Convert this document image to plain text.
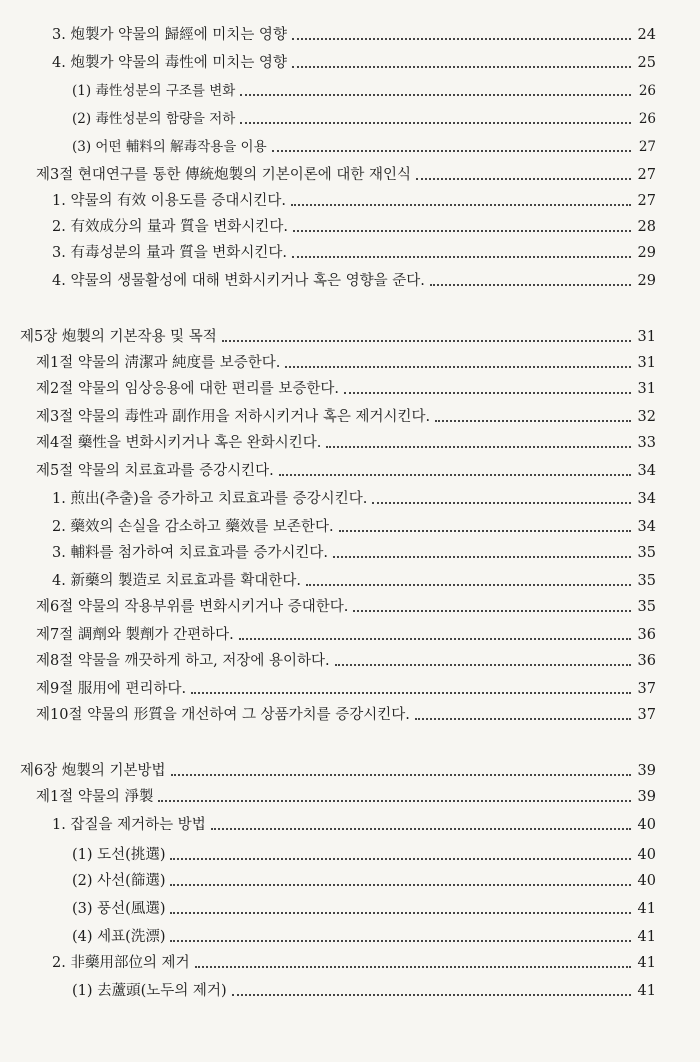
3. 炮製가 약물의 歸經에 미치는 영향	24
4. 炮製가 약물의 毒性에 미치는 영향	25
(1) 毒性성분의 구조를 변화	26
(2) 毒性성분의 함량을 저하	26
(3) 어떤 輔料의 解毒작용을 이용	27
제3절 현대연구를 통한 傳統炮製의 기본이론에 대한 재인식	27
1. 약물의 有效 이용도를 증대시킨다.	27
2. 有效成分의 量과 質을 변화시킨다.	28
3. 有毒성분의 量과 質을 변화시킨다.	29
4. 약물의 생물활성에 대해 변화시키거나 혹은 영향을 준다.	29
제5장 炮製의 기본작용 및 목적	31
제1절 약물의 淸潔과 純度를 보증한다.	31
제2절 약물의 임상응용에 대한 편리를 보증한다.	31
제3절 약물의 毒性과 副作用을 저하시키거나 혹은 제거시킨다.	32
제4절 藥性을 변화시키거나 혹은 완화시킨다.	33
제5절 약물의 치료효과를 증강시킨다.	34
1. 煎出(추출)을 증가하고 치료효과를 증강시킨다.	34
2. 藥效의 손실을 감소하고 藥效를 보존한다.	34
3. 輔料를 첨가하여 치료효과를 증가시킨다.	35
4. 新藥의 製造로 치료효과를 확대한다.	35
제6절 약물의 작용부위를 변화시키거나 증대한다.	35
제7절 調劑와 製劑가 간편하다.	36
제8절 약물을 깨끗하게 하고, 저장에 용이하다.	36
제9절 服用에 편리하다.	37
제10절 약물의 形質을 개선하여 그 상품가치를 증강시킨다.	37
제6장 炮製의 기본방법	39
제1절 약물의 淨製	39
1. 잡질을 제거하는 방법	40
(1) 도선(挑選)	40
(2) 사선(篩選)	40
(3) 풍선(風選)	41
(4) 세표(洗漂)	41
2. 非藥用部位의 제거	41
(1) 去蘆頭(노두의 제거)	41
